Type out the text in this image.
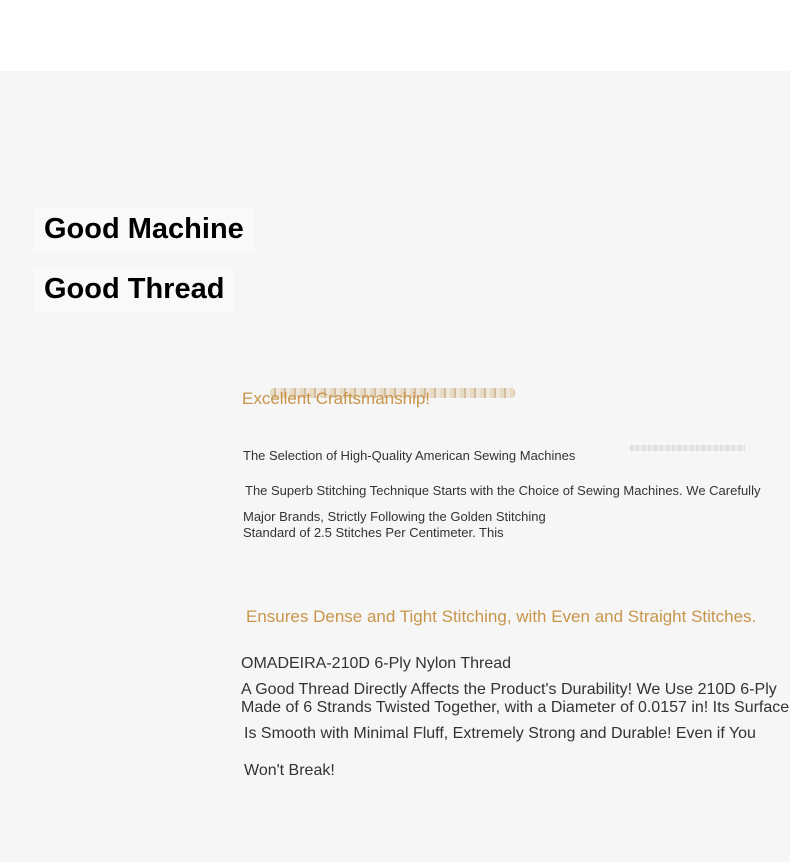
Good Machine
Good Thread
Excellent Craftsmanship!
The Selection of High-Quality American Sewing Machines
The Superb Stitching Technique Starts with the Choice of Sewing Machines. We Carefully
Major Brands, Strictly Following the Golden Stitching
Standard of 2.5 Stitches Per Centimeter. This
Ensures Dense and Tight Stitching, with Even and Straight Stitches.
OMADEIRA-210D 6-Ply Nylon Thread
A Good Thread Directly Affects the Product's Durability! We Use 210D 6-Ply
Made of 6 Strands Twisted Together, with a Diameter of 0.0157 in! Its Surface
Is Smooth with Minimal Fluff, Extremely Strong and Durable! Even if You
Won't Break!
